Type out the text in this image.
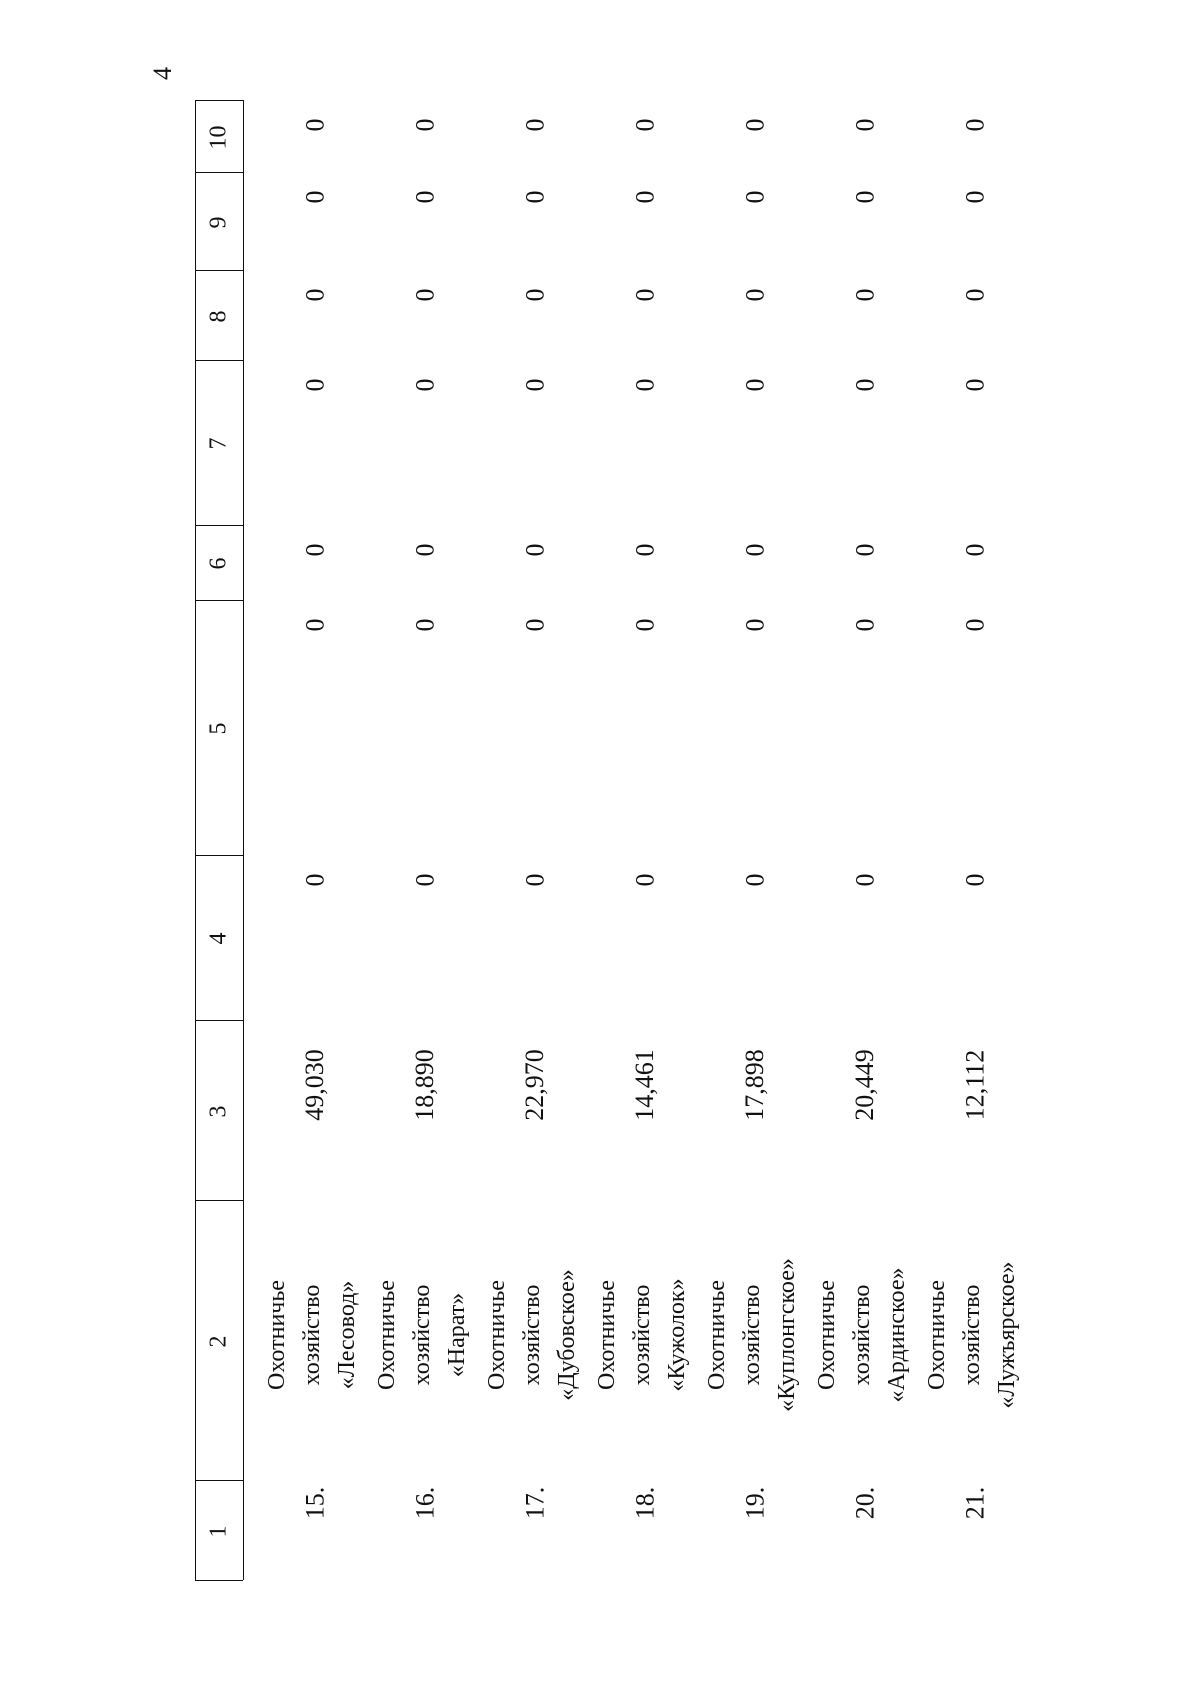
4
1
2
3
4
5
6
7
8
9
10
15.
Охотничье хозяйство «Лесовод»
49,030
0
0
0
0
0
0
0
16.
Охотничье хозяйство «Нарат»
18,890
0
0
0
0
0
0
0
17.
Охотничье хозяйство «Дубовское»
22,970
0
0
0
0
0
0
0
18.
Охотничье хозяйство «Кужолок»
14,461
0
0
0
0
0
0
0
19.
Охотничье хозяйство «Куплонгское»
17,898
0
0
0
0
0
0
0
20.
Охотничье хозяйство «Ардинское»
20,449
0
0
0
0
0
0
0
21.
Охотничье хозяйство «Лужъярское»
12,112
0
0
0
0
0
0
0
